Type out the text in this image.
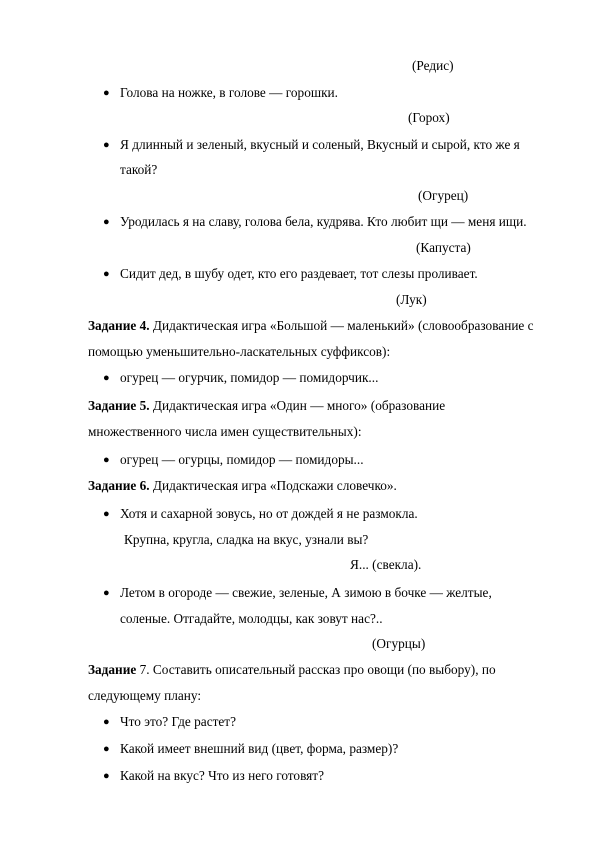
(Редис)
● Голова на ножке, в голове — горошки.
(Горох)
● Я длинный и зеленый, вкусный и соленый, Вкусный и сырой, кто же я
такой?
(Огурец)
● Уродилась я на славу, голова бела, кудрява. Кто любит щи — меня ищи.
(Капуста)
● Сидит дед, в шубу одет, кто его раздевает, тот слезы проливает.
(Лук)
Задание 4. Дидактическая игра «Большой — маленький» (словообразование с
помощью уменьшительно-ласкательных суффиксов):
● огурец — огурчик, помидор — помидорчик...
Задание 5. Дидактическая игра «Один — много» (образование
множественного числа имен существительных):
● огурец — огурцы, помидор — помидоры...
Задание 6. Дидактическая игра «Подскажи словечко».
● Хотя и сахарной зовусь, но от дождей я не размокла.
Крупна, кругла, сладка на вкус, узнали вы?
Я... (свекла).
● Летом в огороде — свежие, зеленые, А зимою в бочке — желтые,
соленые. Отгадайте, молодцы, как зовут нас?..
(Огурцы)
Задание 7. Составить описательный рассказ про овощи (по выбору), по
следующему плану:
● Что это? Где растет?
● Какой имеет внешний вид (цвет, форма, размер)?
● Какой на вкус? Что из него готовят?
